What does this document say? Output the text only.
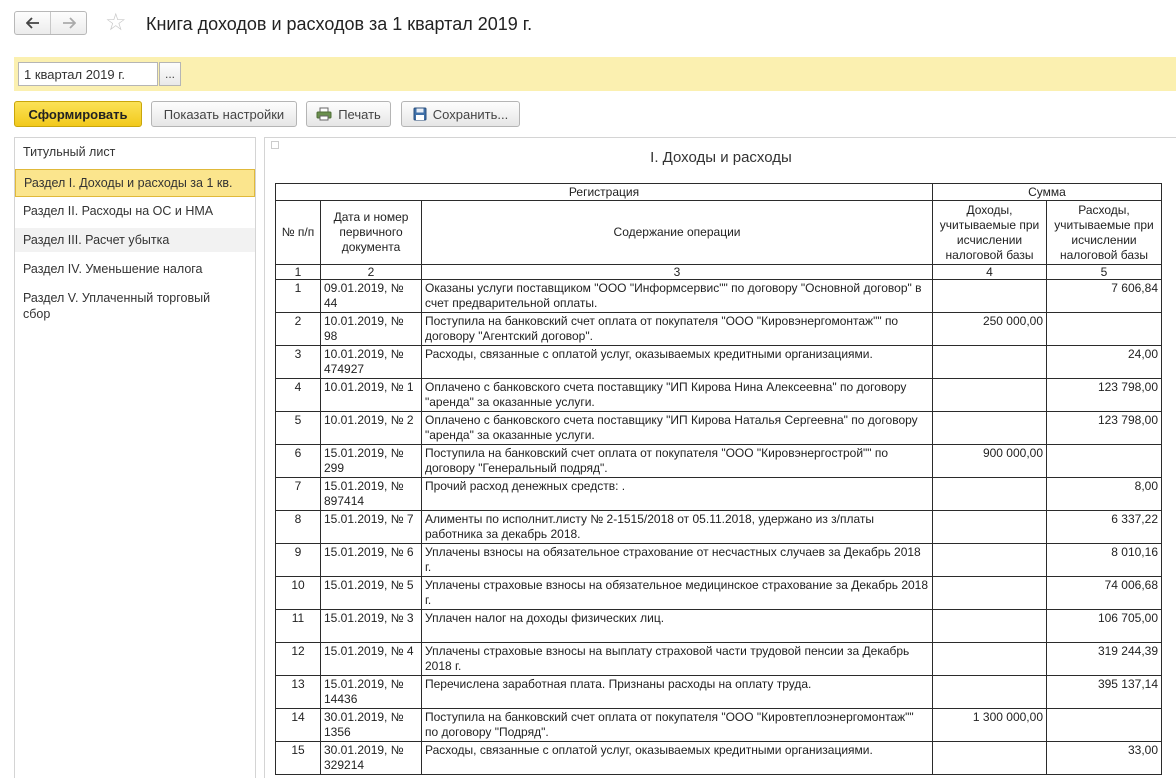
☆ Книга доходов и расходов за 1 квартал 2019 г.
1 квартал 2019 г.	...
Сформировать	Показать настройки	Печать	Сохранить...
Титульный лист
Раздел I. Доходы и расходы за 1 кв.
Раздел II. Расходы на ОС и НМА
Раздел III. Расчет убытка
Раздел IV. Уменьшение налога
Раздел V. Уплаченный торговый сбор
I. Доходы и расходы
Регистрация			Сумма	
№ п/п	Дата и номер первичного документа	Содержание операции	Доходы, учитываемые при исчислении налоговой базы	Расходы, учитываемые при исчислении налоговой базы
1	2	3	4	5
1	09.01.2019, № 44	Оказаны услуги поставщиком "ООО "Информсервис"" по договору "Основной договор" в счет предварительной оплаты.		7 606,84
2	10.01.2019, № 98	Поступила на банковский счет оплата от покупателя "ООО "Кировэнергомонтаж"" по договору "Агентский договор".	250 000,00	
3	10.01.2019, № 474927	Расходы, связанные с оплатой услуг, оказываемых кредитными организациями.		24,00
4	10.01.2019, № 1	Оплачено с банковского счета поставщику "ИП Кирова Нина Алексеевна" по договору "аренда" за оказанные услуги.		123 798,00
5	10.01.2019, № 2	Оплачено с банковского счета поставщику "ИП Кирова Наталья Сергеевна" по договору "аренда" за оказанные услуги.		123 798,00
6	15.01.2019, № 299	Поступила на банковский счет оплата от покупателя "ООО "Кировэнергострой"" по договору "Генеральный подряд".	900 000,00	
7	15.01.2019, № 897414	Прочий расход денежных средств: .		8,00
8	15.01.2019, № 7	Алименты по исполнит.листу № 2-1515/2018 от 05.11.2018, удержано из з/платы работника за декабрь 2018.		6 337,22
9	15.01.2019, № 6	Уплачены взносы на обязательное страхование от несчастных случаев за Декабрь 2018 г.		8 010,16
10	15.01.2019, № 5	Уплачены страховые взносы на обязательное медицинское страхование за Декабрь 2018 г.		74 006,68
11	15.01.2019, № 3	Уплачен налог на доходы физических лиц.		106 705,00
12	15.01.2019, № 4	Уплачены страховые взносы на выплату страховой части трудовой пенсии за Декабрь 2018 г.		319 244,39
13	15.01.2019, № 14436	Перечислена заработная плата. Признаны расходы на оплату труда.		395 137,14
14	30.01.2019, № 1356	Поступила на банковский счет оплата от покупателя "ООО "Кировтеплоэнергомонтаж"" по договору "Подряд".	1 300 000,00	
15	30.01.2019, № 329214	Расходы, связанные с оплатой услуг, оказываемых кредитными организациями.		33,00
